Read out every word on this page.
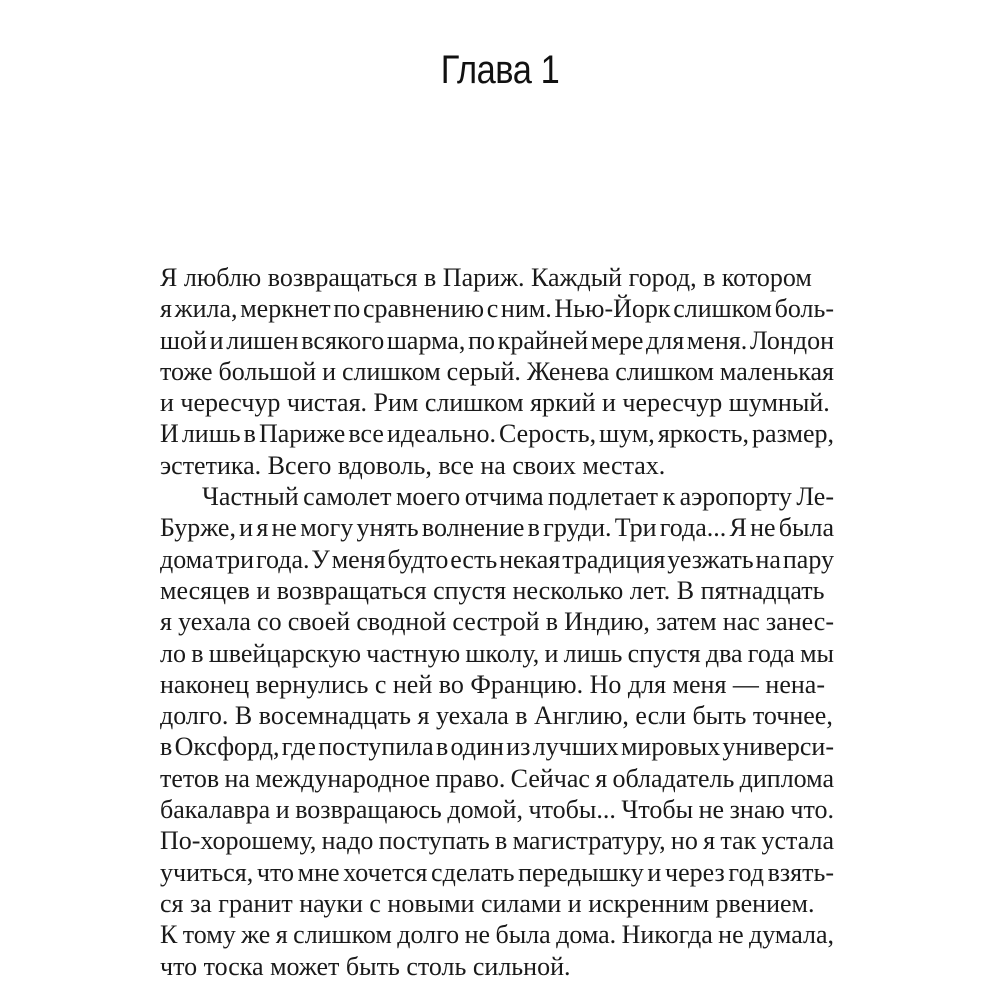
Глава 1
Я люблю возвращаться в Париж. Каждый город, в котором
я жила, меркнет по сравнению с ним. Нью-Йорк слишком боль-
шой и лишен всякого шарма, по крайней мере для меня. Лондон
тоже большой и слишком серый. Женева слишком маленькая
и чересчур чистая. Рим слишком яркий и чересчур шумный.
И лишь в Париже все идеально. Серость, шум, яркость, размер,
эстетика. Всего вдоволь, все на своих местах.
Частный самолет моего отчима подлетает к аэропорту Ле-
Бурже, и я не могу унять волнение в груди. Три года... Я не была
дома три года. У меня будто есть некая традиция уезжать на пару
месяцев и возвращаться спустя несколько лет. В пятнадцать
я уехала со своей сводной сестрой в Индию, затем нас занес-
ло в швейцарскую частную школу, и лишь спустя два года мы
наконец вернулись с ней во Францию. Но для меня — нена-
долго. В восемнадцать я уехала в Англию, если быть точнее,
в Оксфорд, где поступила в один из лучших мировых универси-
тетов на международное право. Сейчас я обладатель диплома
бакалавра и возвращаюсь домой, чтобы... Чтобы не знаю что.
По-хорошему, надо поступать в магистратуру, но я так устала
учиться, что мне хочется сделать передышку и через год взять-
ся за гранит науки с новыми силами и искренним рвением.
К тому же я слишком долго не была дома. Никогда не думала,
что тоска может быть столь сильной.
